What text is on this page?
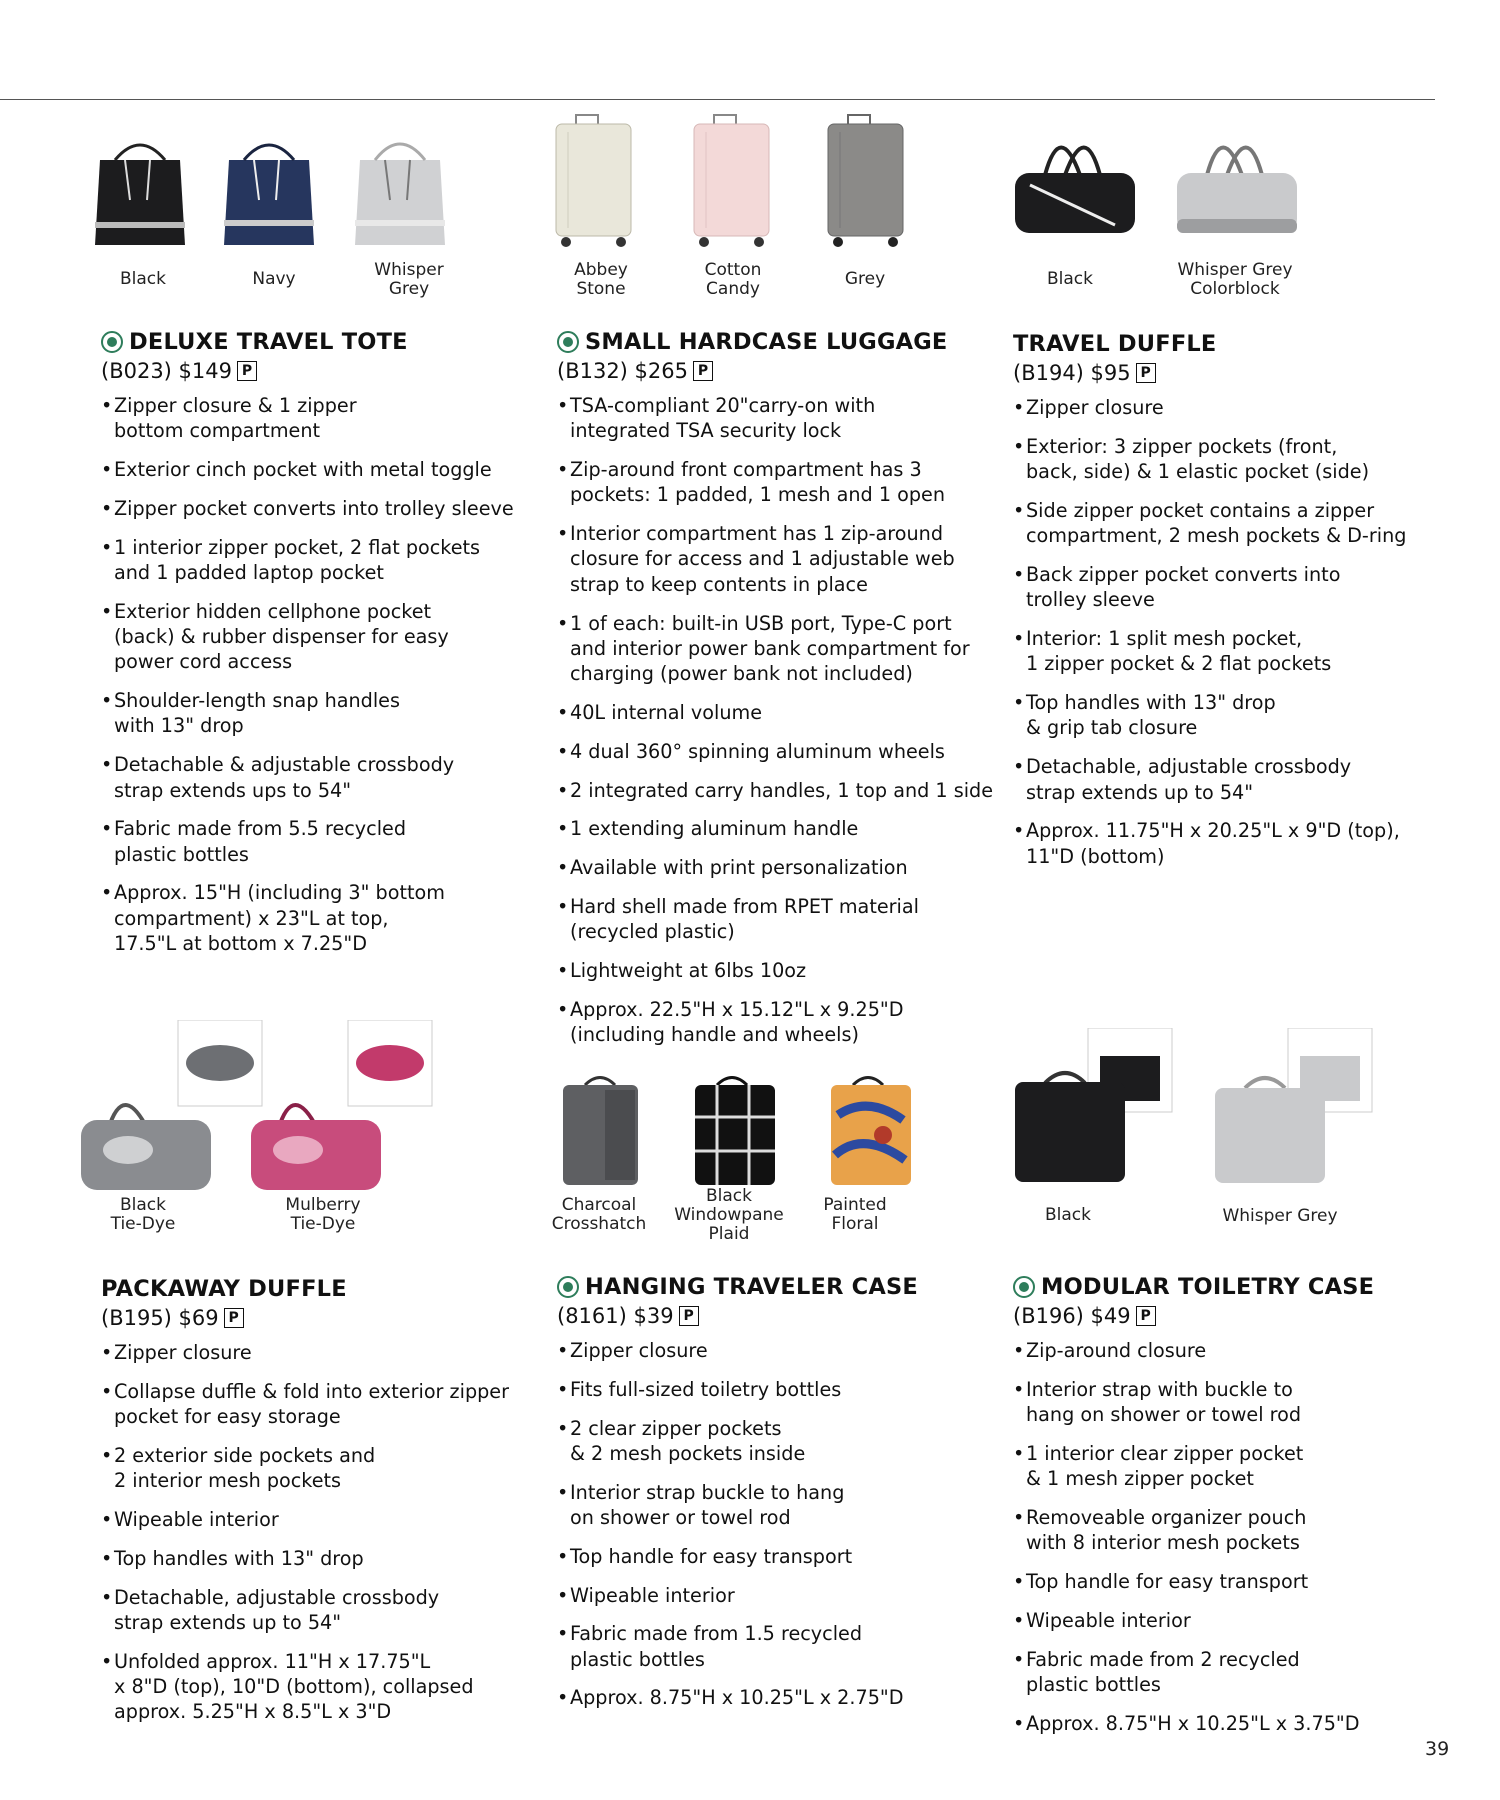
Black	Navy	Whisper
Grey
Abbey
Stone
Cotton
Candy	Grey	Black	Whisper Grey
Colorblock
DELUXE TRAVEL TOTE
(B023) $149 P
• Zipper closure & 1 zipper
bottom compartment
• Exterior cinch pocket with metal toggle
• Zipper pocket converts into trolley sleeve
• 1 interior zipper pocket, 2 flat pockets
and 1 padded laptop pocket
• Exterior hidden cellphone pocket
(back) & rubber dispenser for easy
power cord access
• Shoulder-length snap handles
with 13" drop
• Detachable & adjustable crossbody
strap extends ups to 54"
• Fabric made from 5.5 recycled
plastic bottles
• Approx. 15"H (including 3" bottom
compartment) x 23"L at top,
17.5"L at bottom x 7.25"D
SMALL HARDCASE LUGGAGE
(B132) $265 P
• TSA-compliant 20"carry-on with
integrated TSA security lock
• Zip-around front compartment has 3
pockets: 1 padded, 1 mesh and 1 open
• Interior compartment has 1 zip-around
closure for access and 1 adjustable web
strap to keep contents in place
• 1 of each: built-in USB port, Type-C port
and interior power bank compartment for
charging (power bank not included)
• 40L internal volume
• 4 dual 360° spinning aluminum wheels
• 2 integrated carry handles, 1 top and 1 side
• 1 extending aluminum handle
• Available with print personalization
• Hard shell made from RPET material
(recycled plastic)
• Lightweight at 6lbs 10oz
• Approx. 22.5"H x 15.12"L x 9.25"D
(including handle and wheels)
TRAVEL DUFFLE
(B194) $95 P
• Zipper closure
• Exterior: 3 zipper pockets (front,
back, side) & 1 elastic pocket (side)
• Side zipper pocket contains a zipper
compartment, 2 mesh pockets & D-ring
• Back zipper pocket converts into
trolley sleeve
• Interior: 1 split mesh pocket,
1 zipper pocket & 2 flat pockets
• Top handles with 13" drop
& grip tab closure
• Detachable, adjustable crossbody
strap extends up to 54"
• Approx. 11.75"H x 20.25"L x 9"D (top),
11"D (bottom)
Black
Tie-Dye
Mulberry
Tie-Dye
Charcoal
Crosshatch
Black
Windowpane
Plaid
Painted
Floral	Black	Whisper Grey
PACKAWAY DUFFLE
(B195) $69 P
• Zipper closure
• Collapse duffle & fold into exterior zipper
pocket for easy storage
• 2 exterior side pockets and
2 interior mesh pockets
• Wipeable interior
• Top handles with 13" drop
• Detachable, adjustable crossbody
strap extends up to 54"
• Unfolded approx. 11"H x 17.75"L
x 8"D (top), 10"D (bottom), collapsed
approx. 5.25"H x 8.5"L x 3"D
HANGING TRAVELER CASE
(8161) $39 P
• Zipper closure
• Fits full-sized toiletry bottles
• 2 clear zipper pockets
& 2 mesh pockets inside
• Interior strap buckle to hang
on shower or towel rod
• Top handle for easy transport
• Wipeable interior
• Fabric made from 1.5 recycled
plastic bottles
• Approx. 8.75"H x 10.25"L x 2.75"D
MODULAR TOILETRY CASE
(B196) $49 P
• Zip-around closure
• Interior strap with buckle to
hang on shower or towel rod
• 1 interior clear zipper pocket
& 1 mesh zipper pocket
• Removeable organizer pouch
with 8 interior mesh pockets
• Top handle for easy transport
• Wipeable interior
• Fabric made from 2 recycled
plastic bottles
• Approx. 8.75"H x 10.25"L x 3.75"D
39
